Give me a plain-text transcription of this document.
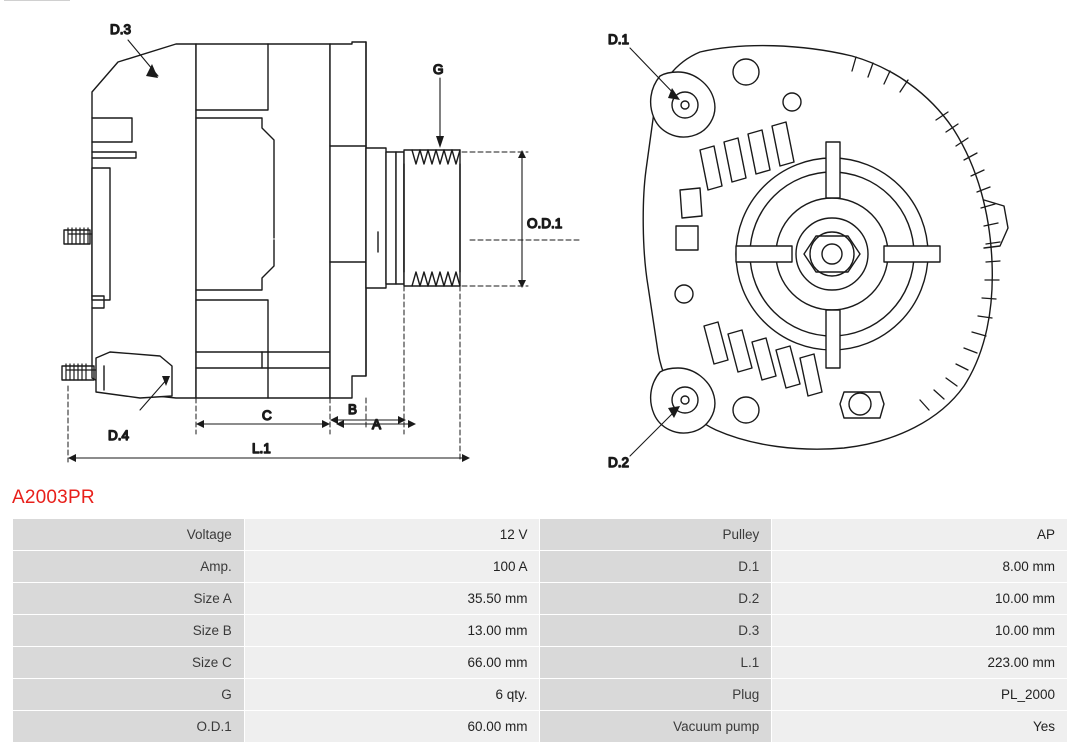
D.3
D.4
G
O.D.1
A
B
C
L.1
D.1
D.2
A2003PR
Voltage	12 V	Pulley	AP
Amp.	100 A	D.1	8.00 mm
Size A	35.50 mm	D.2	10.00 mm
Size B	13.00 mm	D.3	10.00 mm
Size C	66.00 mm	L.1	223.00 mm
G	6 qty.	Plug	PL_2000
O.D.1	60.00 mm	Vacuum pump	Yes
